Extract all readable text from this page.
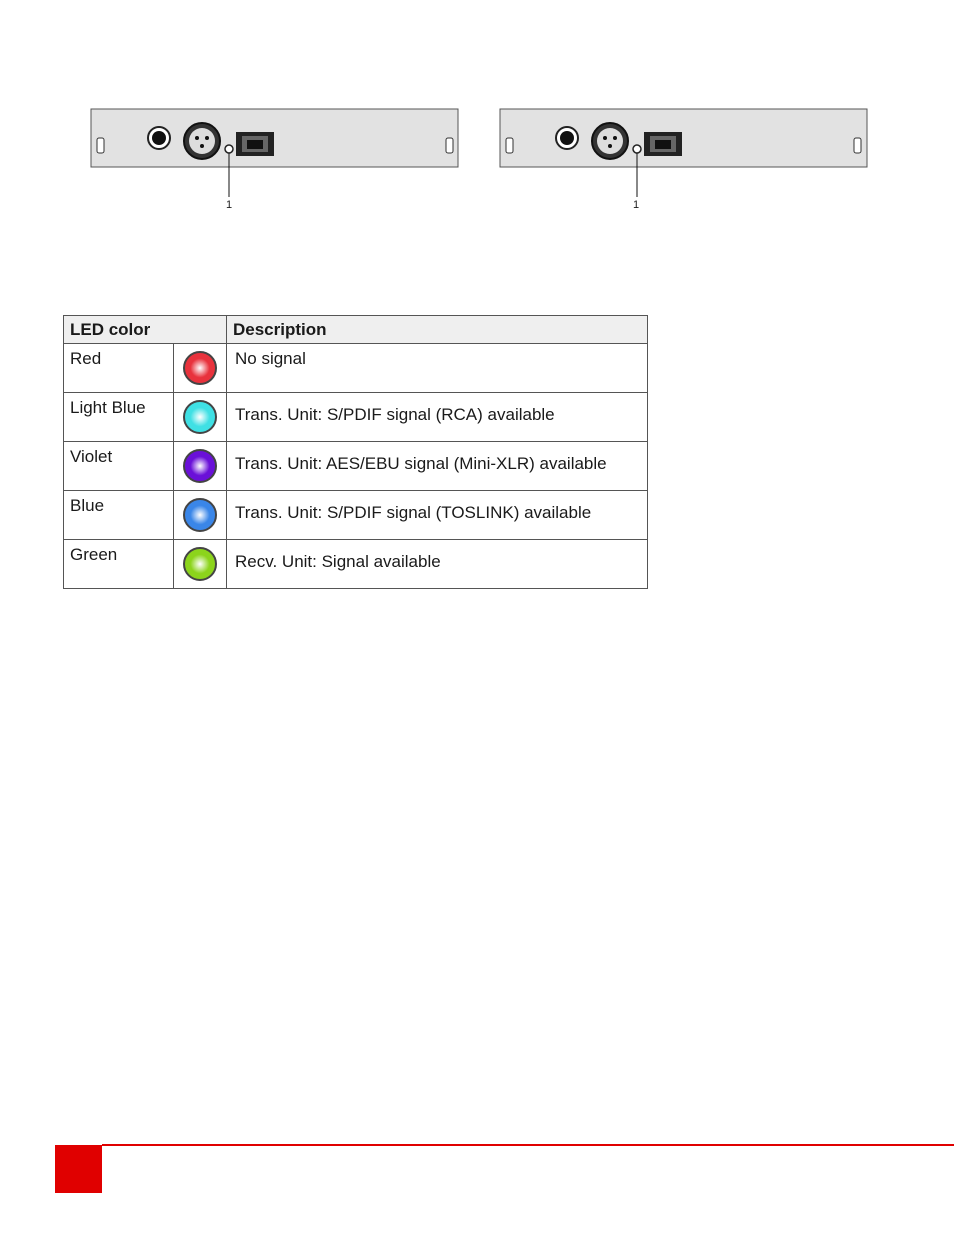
1	1
LED color		Description
Red		No signal
Light Blue		Trans. Unit: S/PDIF signal (RCA) available
Violet		Trans. Unit: AES/EBU signal (Mini-XLR) available
Blue		Trans. Unit: S/PDIF signal (TOSLINK) available
Green		Recv. Unit: Signal available
